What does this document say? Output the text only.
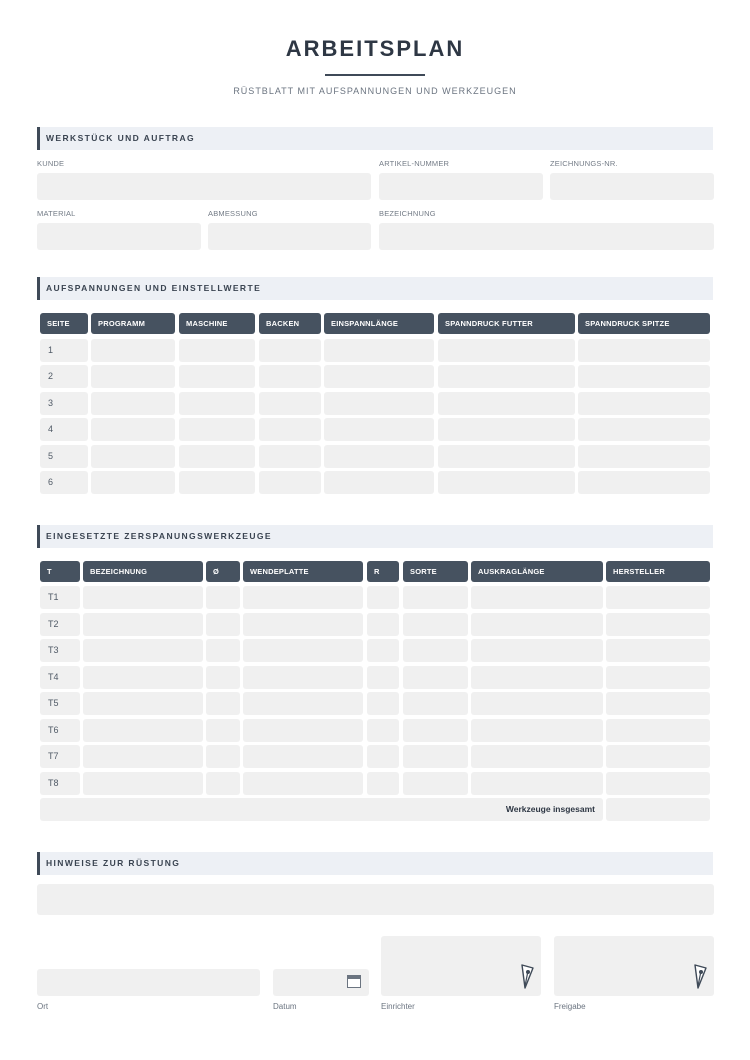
ARBEITSPLAN
RÜSTBLATT MIT AUFSPANNUNGEN UND WERKZEUGEN
WERKSTÜCK UND AUFTRAG
KUNDE	ARTIKEL-NUMMER	ZEICHNUNGS-NR.
MATERIAL	ABMESSUNG	BEZEICHNUNG
AUFSPANNUNGEN UND EINSTELLWERTE
SEITE	PROGRAMM	MASCHINE	BACKEN	EINSPANNLÄNGE	SPANNDRUCK FUTTER	SPANNDRUCK SPITZE
1
2
3
4
5
6
EINGESETZTE ZERSPANUNGSWERKZEUGE
T	BEZEICHNUNG	Ø	WENDEPLATTE	R	SORTE	AUSKRAGLÄNGE	HERSTELLER
T1
T2
T3
T4
T5
T6
T7
T8
Werkzeuge insgesamt
HINWEISE ZUR RÜSTUNG
Ort	Datum	Einrichter	Freigabe
